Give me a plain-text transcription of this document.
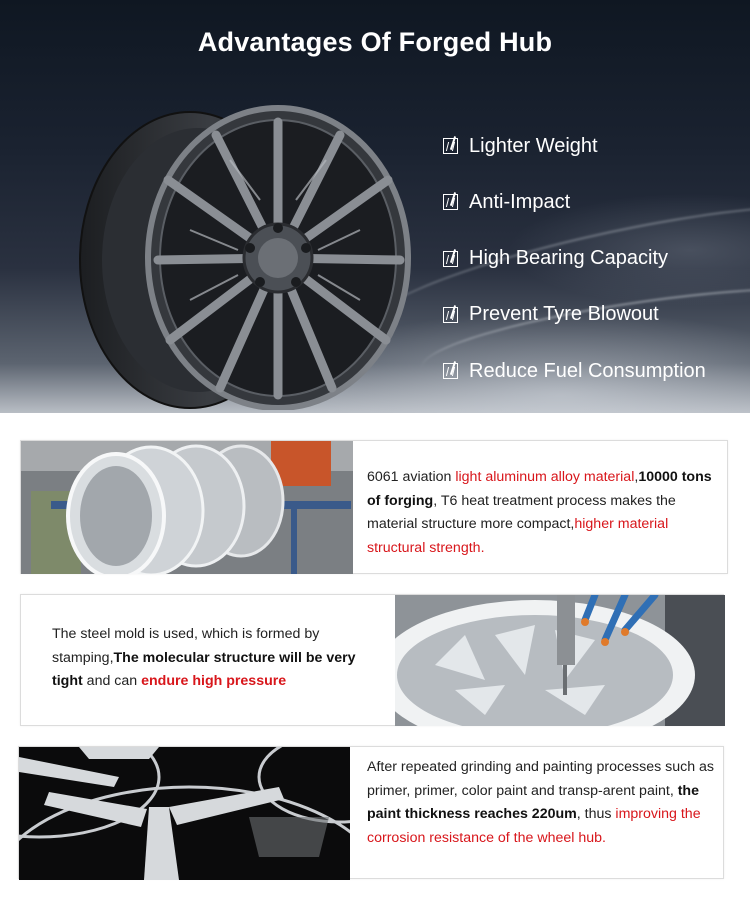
Advantages Of Forged Hub
Lighter Weight
Anti-Impact
High Bearing Capacity
Prevent Tyre Blowout
Reduce Fuel Consumption

6061 aviation light aluminum alloy material,10000 tons of forging, T6 heat treatment process makes the material structure more compact,higher material structural strength.

The steel mold is used, which is formed by stamping,The molecular structure will be very tight and can endure high pressure

After repeated grinding and painting processes such as primer, primer, color paint and transp-arent paint, the paint thickness reaches 220um, thus improving the corrosion resistance of the wheel hub.
